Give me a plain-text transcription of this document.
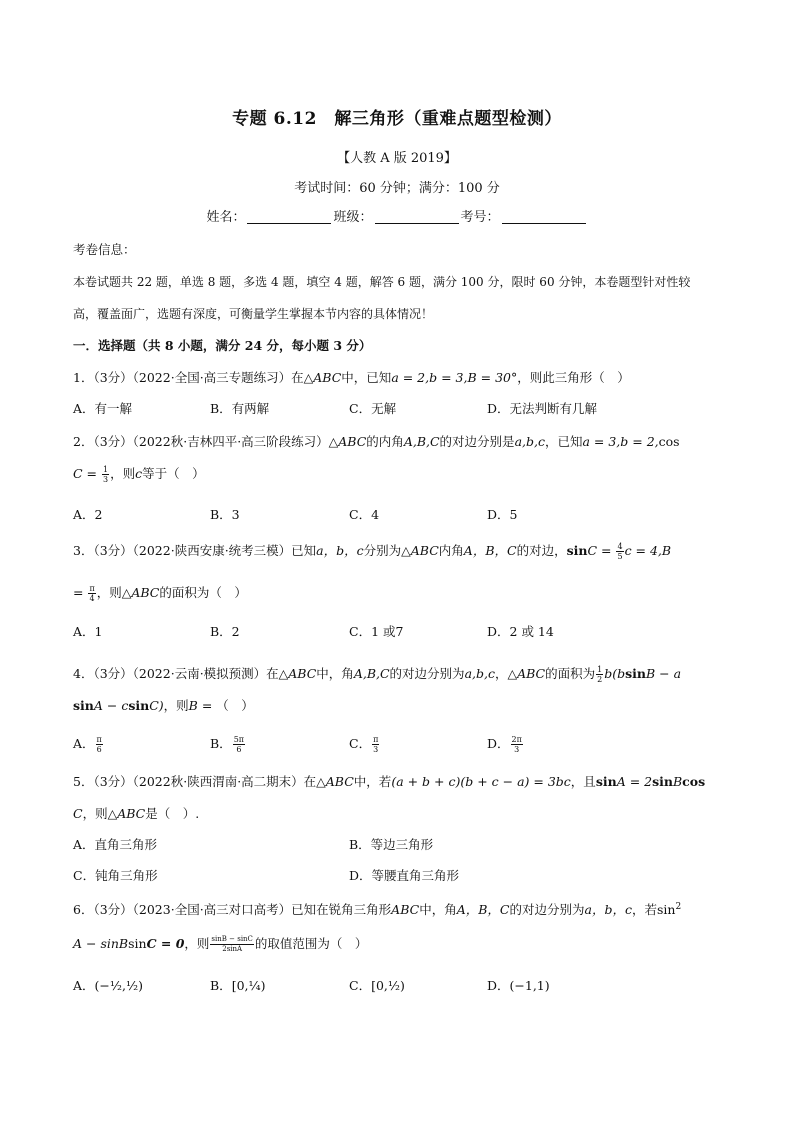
专题 6.12　解三角形（重难点题型检测）
【人教 A 版 2019】
考试时间：60 分钟；满分：100 分
姓名：	班级：	考号：
考卷信息：
本卷试题共 22 题，单选 8 题，多选 4 题，填空 4 题，解答 6 题，满分 100 分，限时 60 分钟，本卷题型针对性较
高，覆盖面广，选题有深度，可衡量学生掌握本节内容的具体情况！
一．选择题（共 8 小题，满分 24 分，每小题 3 分）
1．（3分）（2022·全国·高三专题练习）在△ABC中，已知a = 2,b = 3,B = 30°，则此三角形（　）
A．有一解	B．有两解	C．无解	D．无法判断有几解
2．（3分）（2022秋·吉林四平·高三阶段练习）△ABC的内角A,B,C的对边分别是a,b,c，已知a = 3,b = 2,cos
$C = \frac{1}{3}$ ，则c等于（　）
A．2	B．3	C．4	D．5
3．（3分）（2022·陕西安康·统考三模）已知a，b，c分别为△ABC内角A，B，C的对边，$\sin C = \frac{4}{5}$ c = 4,B
= $\frac{\pi}{4}$ ，则△ABC的面积为（　）
A．1	B．2	C．1 或7	D．2 或 14
4．（3分）（2022·云南·模拟预测）在△ABC中，角A,B,C的对边分别为a,b,c，△ABC的面积为 $\frac{1}{2} b(bsinB - a$
sinA − csinC)，则B = （　）
A． $\frac{\pi}{6}$	B． $\frac{5\pi}{6}$	C． $\frac{\pi}{3}$	D． $\frac{2\pi}{3}$
5．（3分）（2022秋·陕西渭南·高二期末）在△ABC中，若(a + b + c)(b + c − a) = 3bc，且sinA = 2sinBcos
C，则△ABC是（　）.
A．直角三角形	B．等边三角形
C．钝角三角形	D．等腰直角三角形
6．（3分）（2023·全国·高三对口高考）已知在锐角三角形ABC中，角A，B，C的对边分别为a，b，c，若$\sin^2$
A − sinBsinC = 0，则 $\frac{\sin B - \sin C}{2\sin A}$ 的取值范围为（　）
A．(−½,½)	B．[0,¼)	C．[0,½)	D．(−1,1)
